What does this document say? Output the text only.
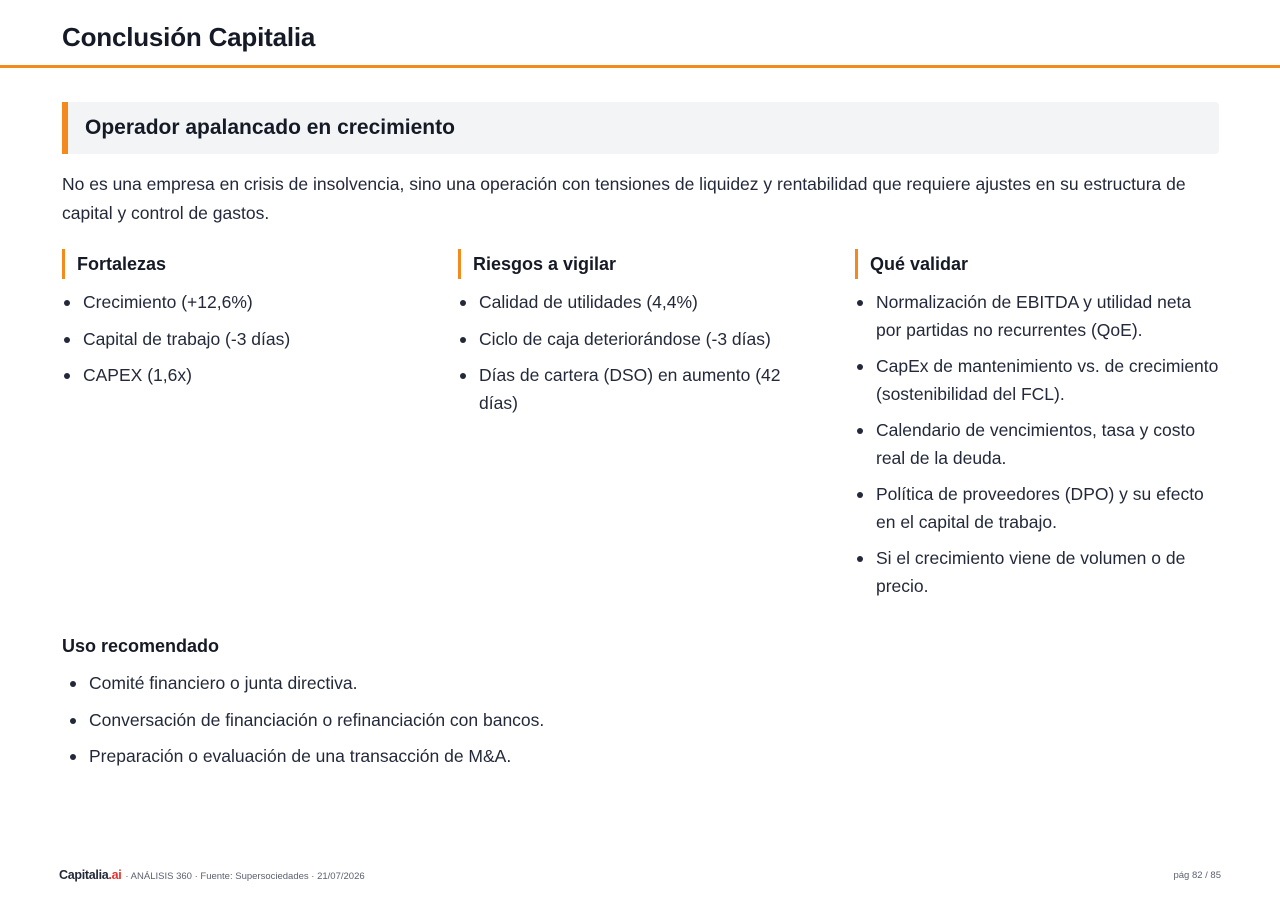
Conclusión Capitalia
Operador apalancado en crecimiento

No es una empresa en crisis de insolvencia, sino una operación con tensiones de liquidez y rentabilidad que requiere ajustes en su estructura de capital y control de gastos.

Fortalezas
Crecimiento (+12,6%)
Capital de trabajo (-3 días)
CAPEX (1,6x)
Riesgos a vigilar
Calidad de utilidades (4,4%)
Ciclo de caja deteriorándose (-3 días)
Días de cartera (DSO) en aumento (42 días)
Qué validar
Normalización de EBITDA y utilidad neta por partidas no recurrentes (QoE).
CapEx de mantenimiento vs. de crecimiento (sostenibilidad del FCL).
Calendario de vencimientos, tasa y costo real de la deuda.
Política de proveedores (DPO) y su efecto en el capital de trabajo.
Si el crecimiento viene de volumen o de precio.
Uso recomendado
Comité financiero o junta directiva.
Conversación de financiación o refinanciación con bancos.
Preparación o evaluación de una transacción de M&A.
Capitalia.ai · ANÁLISIS 360 · Fuente: Supersociedades · 21/07/2026	pág 82 / 85
